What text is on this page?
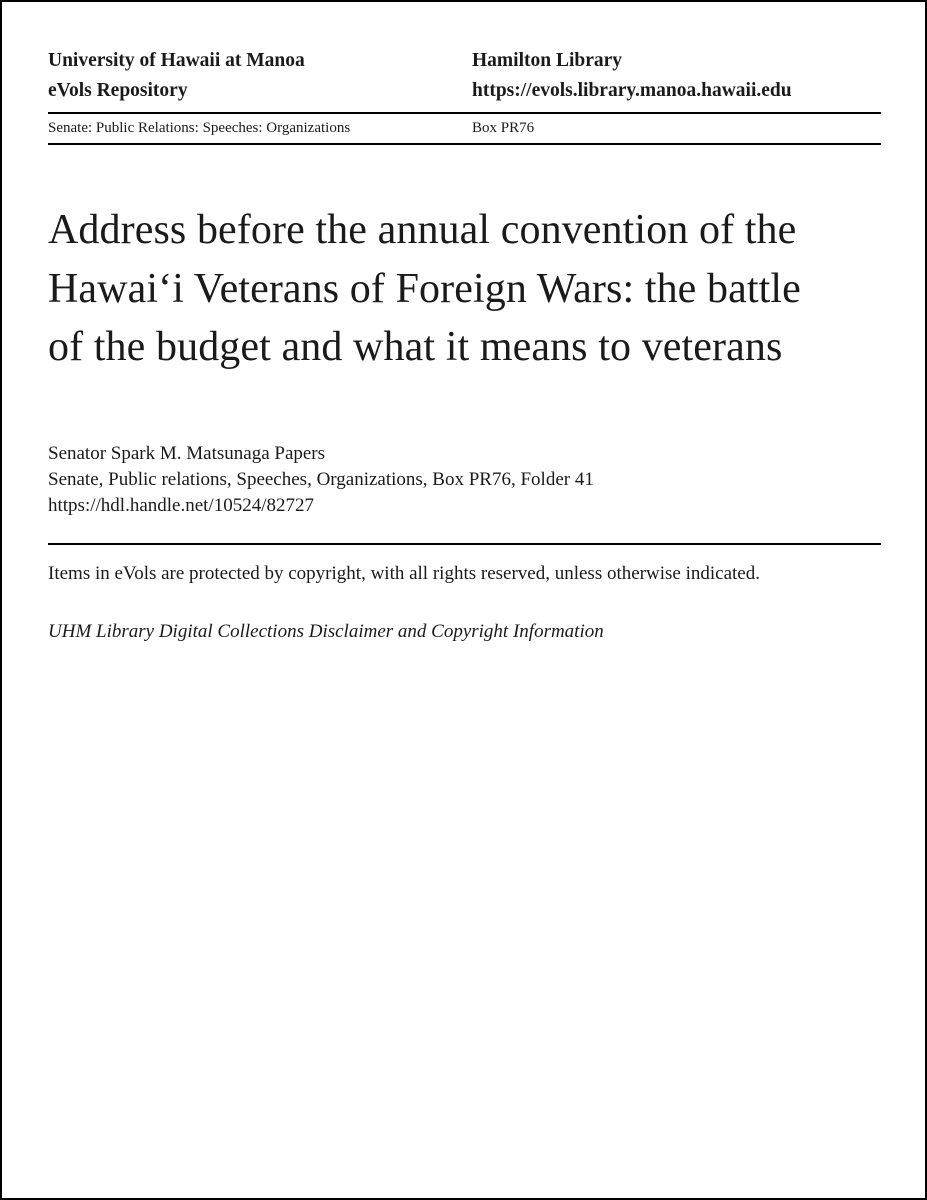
University of Hawaii at Manoa	Hamilton Library
eVols Repository	https://evols.library.manoa.hawaii.edu
Senate: Public Relations: Speeches: Organizations	Box PR76
Address before the annual convention of the Hawaiʻi Veterans of Foreign Wars: the battle of the budget and what it means to veterans
Senator Spark M. Matsunaga Papers
Senate, Public relations, Speeches, Organizations, Box PR76, Folder 41
https://hdl.handle.net/10524/82727
Items in eVols are protected by copyright, with all rights reserved, unless otherwise indicated.
UHM Library Digital Collections Disclaimer and Copyright Information
